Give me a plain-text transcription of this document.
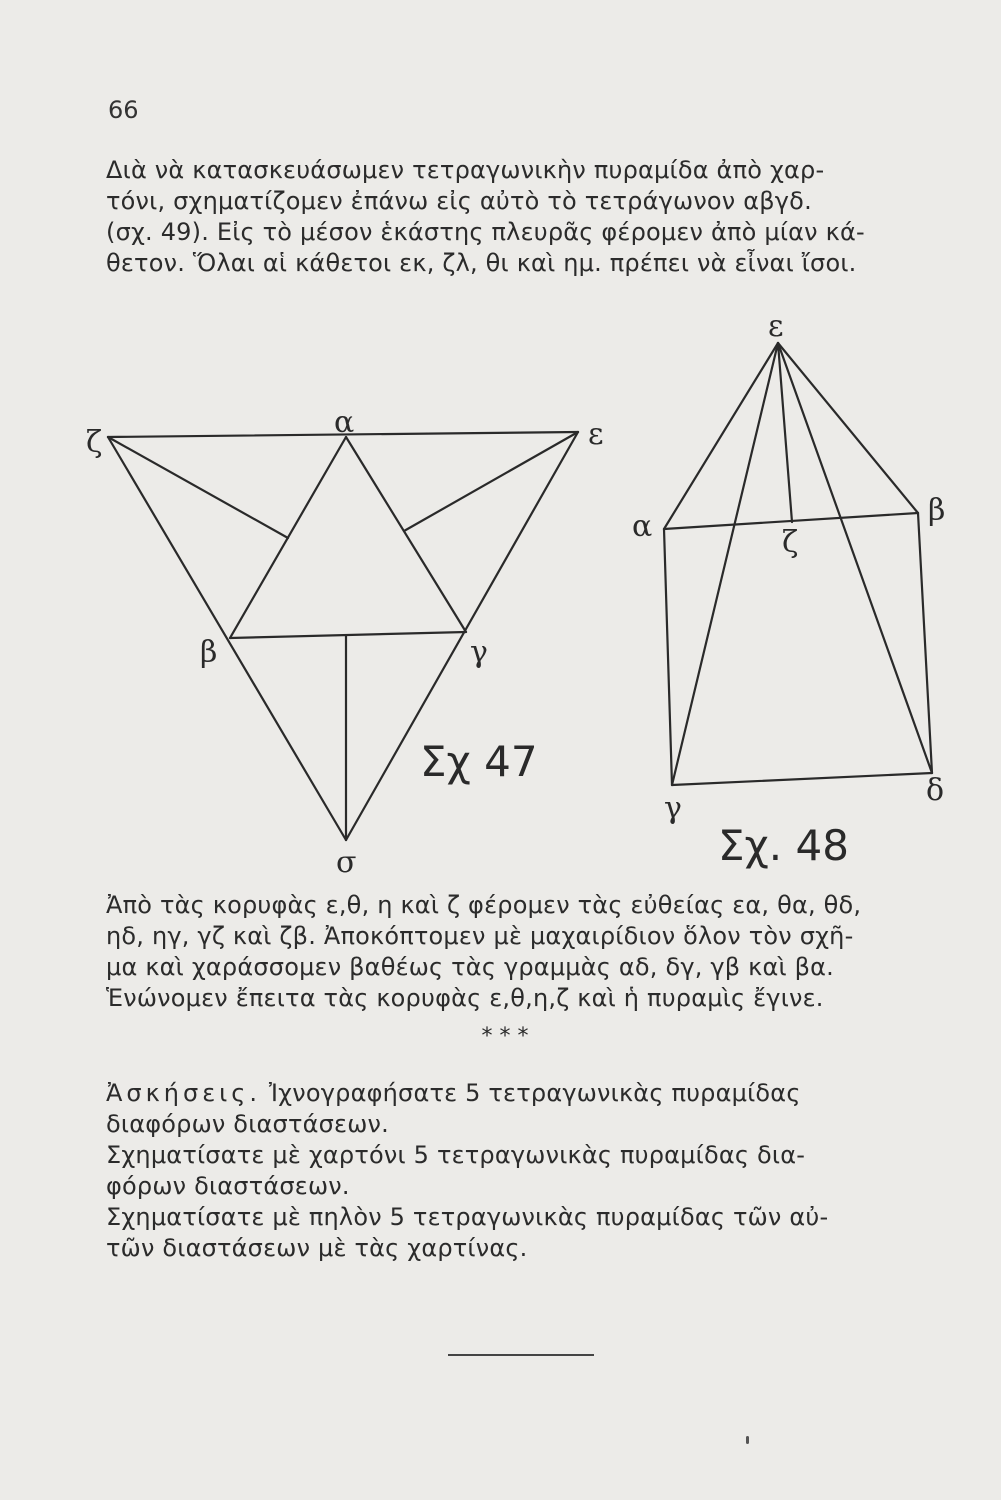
66
Διὰ νὰ κατασκευάσωμεν τετραγωνικὴν πυραμίδα ἀπὸ χαρ-
τόνι, σχηματίζομεν ἐπάνω εἰς αὐτὸ τὸ τετράγωνον αβγδ.
(σχ. 49). Εἰς τὸ μέσον ἑκάστης πλευρᾶς φέρομεν ἀπὸ μίαν κά-
θετον. Ὅλαι αἱ κάθετοι εκ, ζλ, θι καὶ ημ. πρέπει νὰ εἶναι ἴσοι.
α
ζ	ε
β	γ
σ
Σχ 47
ε
α	β
ζ
γ
δ
Σχ. 48
Ἀπὸ τὰς κορυφὰς ε,θ, η καὶ ζ φέρομεν τὰς εὐθείας εα, θα, θδ,
ηδ, ηγ, γζ καὶ ζβ. Ἀποκόπτομεν μὲ μαχαιρίδιον ὅλον τὸν σχῆ-
μα καὶ χαράσσομεν βαθέως τὰς γραμμὰς αδ, δγ, γβ καὶ βα.
Ἑνώνομεν ἔπειτα τὰς κορυφὰς ε,θ,η,ζ καὶ ἡ πυραμὶς ἔγινε.
* * *
Ἀσκήσεις. Ἰχνογραφήσατε 5 τετραγωνικὰς πυραμίδας
διαφόρων διαστάσεων.
Σχηματίσατε μὲ χαρτόνι 5 τετραγωνικὰς πυραμίδας δια-
φόρων διαστάσεων.
Σχηματίσατε μὲ πηλὸν 5 τετραγωνικὰς πυραμίδας τῶν αὐ-
τῶν διαστάσεων μὲ τὰς χαρτίνας.
